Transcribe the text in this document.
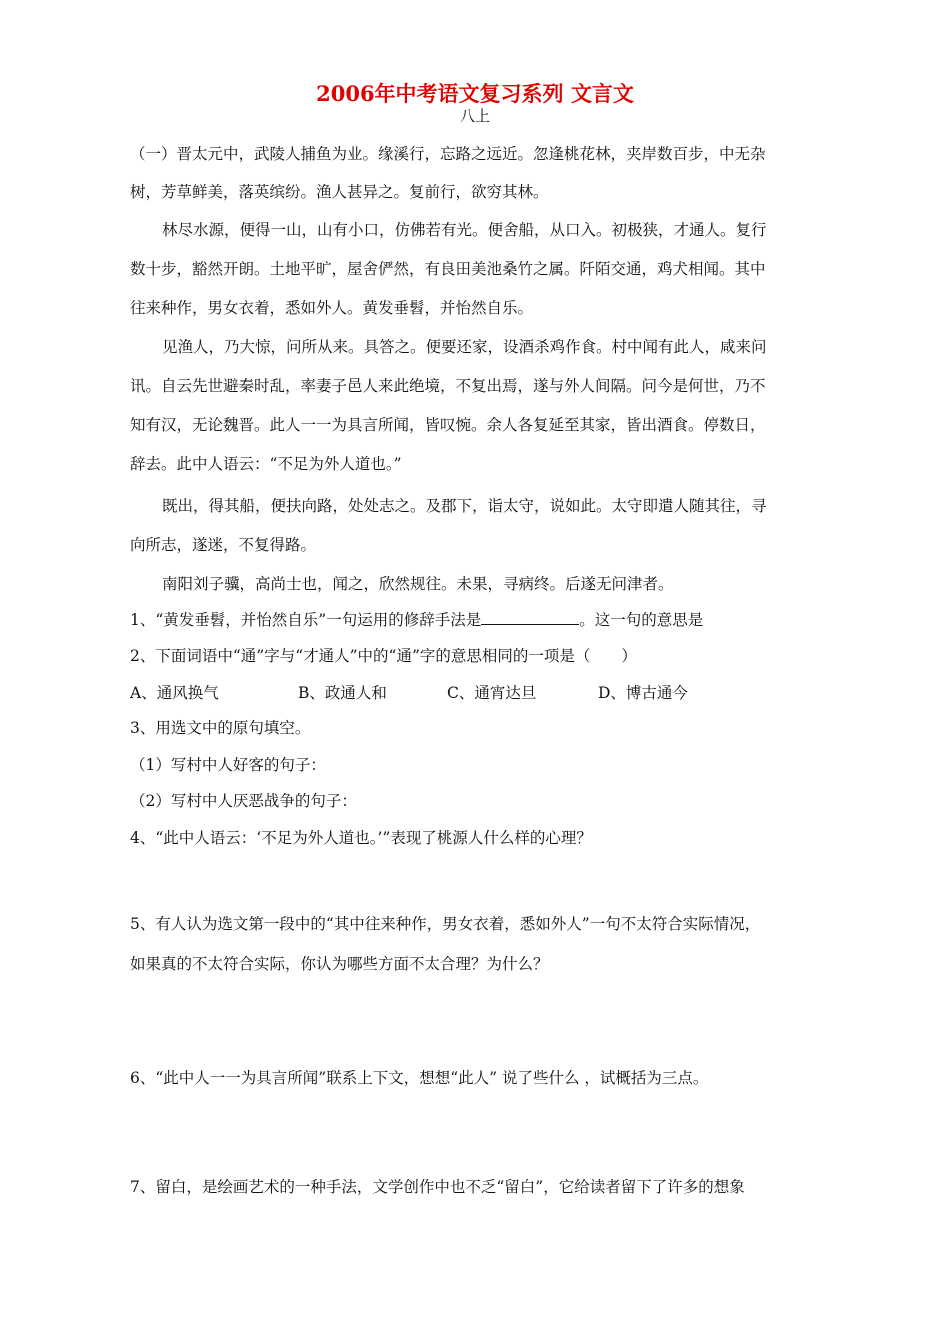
2006年中考语文复习系列 文言文
八上
（一）晋太元中，武陵人捕鱼为业。缘溪行，忘路之远近。忽逢桃花林，夹岸数百步，中无杂
树，芳草鲜美，落英缤纷。渔人甚异之。复前行，欲穷其林。
林尽水源，便得一山，山有小口，仿佛若有光。便舍船，从口入。初极狭，才通人。复行
数十步，豁然开朗。土地平旷，屋舍俨然，有良田美池桑竹之属。阡陌交通，鸡犬相闻。其中
往来种作，男女衣着，悉如外人。黄发垂髫，并怡然自乐。
见渔人，乃大惊，问所从来。具答之。便要还家，设酒杀鸡作食。村中闻有此人，咸来问
讯。自云先世避秦时乱，率妻子邑人来此绝境，不复出焉，遂与外人间隔。问今是何世，乃不
知有汉，无论魏晋。此人一一为具言所闻，皆叹惋。余人各复延至其家，皆出酒食。停数日，
辞去。此中人语云：“不足为外人道也。”
既出，得其船，便扶向路，处处志之。及郡下，诣太守，说如此。太守即遣人随其往，寻
向所志，遂迷，不复得路。
南阳刘子骥，高尚士也，闻之，欣然规往。未果，寻病终。后遂无问津者。
1、“黄发垂髫，并怡然自乐”一句运用的修辞手法是	。这一句的意思是
2、下面词语中“通”字与“才通人”中的“通”字的意思相同的一项是（　　）
A、通风换气	B、政通人和	C、通宵达旦	D、博古通今
3、用选文中的原句填空。
（1）写村中人好客的句子：
（2）写村中人厌恶战争的句子：
4、“此中人语云：‘不足为外人道也。’”表现了桃源人什么样的心理？
5、有人认为选文第一段中的“其中往来种作，男女衣着，悉如外人”一句不太符合实际情况，
如果真的不太符合实际，你认为哪些方面不太合理？为什么？
6、“此中人一一为具言所闻”联系上下文，想想“此人” 说了些什么 ，试概括为三点。
7、留白，是绘画艺术的一种手法，文学创作中也不乏“留白”，它给读者留下了许多的想象
